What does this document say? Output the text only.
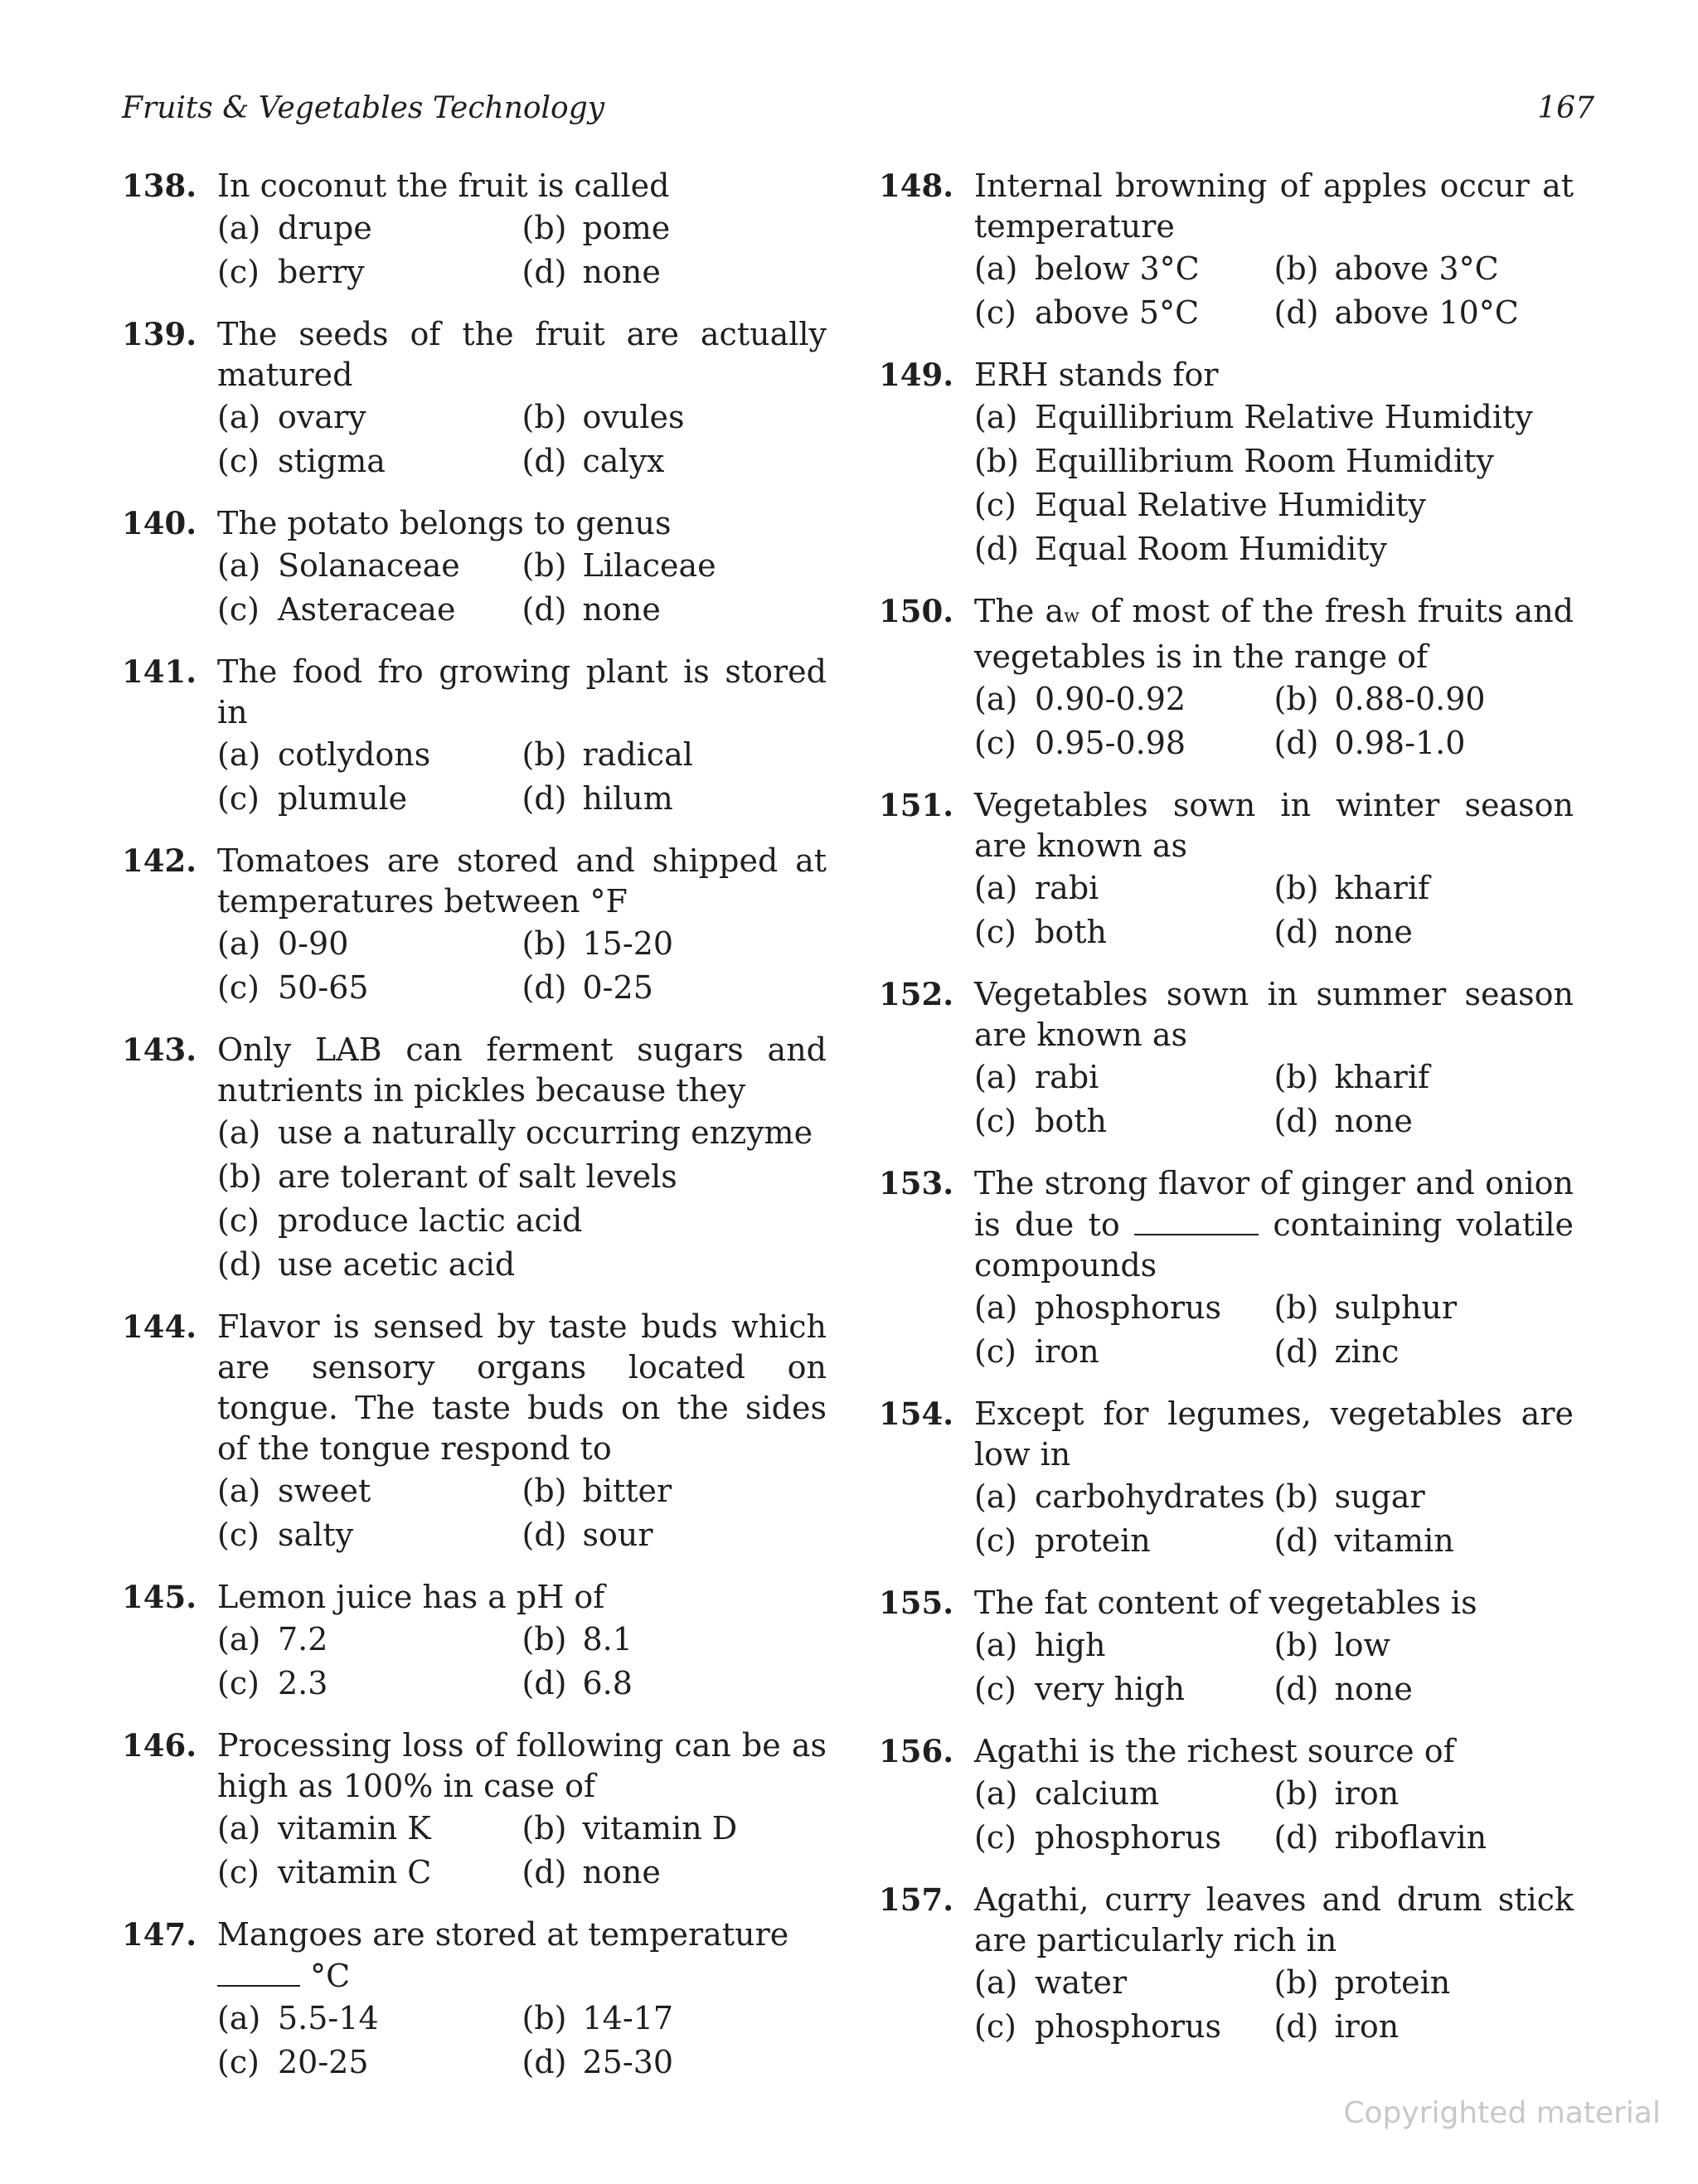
Fruits & Vegetables Technology	167
138. In coconut the fruit is called
(a) drupe	(b) pome
(c) berry	(d) none
139. The seeds of the fruit are actually matured
(a) ovary	(b) ovules
(c) stigma	(d) calyx
140. The potato belongs to genus
(a) Solanaceae	(b) Lilaceae
(c) Asteraceae	(d) none
141. The food fro growing plant is stored in
(a) cotlydons	(b) radical
(c) plumule	(d) hilum
142. Tomatoes are stored and shipped at temperatures between °F
(a) 0-90	(b) 15-20
(c) 50-65	(d) 0-25
143. Only LAB can ferment sugars and nutrients in pickles because they
(a) use a naturally occurring enzyme
(b) are tolerant of salt levels
(c) produce lactic acid
(d) use acetic acid
144. Flavor is sensed by taste buds which are sensory organs located on tongue. The taste buds on the sides of the tongue respond to
(a) sweet	(b) bitter
(c) salty	(d) sour
145. Lemon juice has a pH of
(a) 7.2	(b) 8.1
(c) 2.3	(d) 6.8
146. Processing loss of following can be as high as 100% in case of
(a) vitamin K	(b) vitamin D
(c) vitamin C	(d) none
147. Mangoes are stored at temperature
°C
(a) 5.5-14	(b) 14-17
(c) 20-25	(d) 25-30
148. Internal browning of apples occur at temperature
(a) below 3°C	(b) above 3°C
(c) above 5°C	(d) above 10°C
149. ERH stands for
(a) Equillibrium Relative Humidity
(b) Equillibrium Room Humidity
(c) Equal Relative Humidity
(d) Equal Room Humidity
150. The aw of most of the fresh fruits and vegetables is in the range of
(a) 0.90-0.92	(b) 0.88-0.90
(c) 0.95-0.98	(d) 0.98-1.0
151. Vegetables sown in winter season are known as
(a) rabi	(b) kharif
(c) both	(d) none
152. Vegetables sown in summer season are known as
(a) rabi	(b) kharif
(c) both	(d) none
153. The strong flavor of ginger and onion is due to	containing volatile compounds
(a) phosphorus	(b) sulphur
(c) iron	(d) zinc
154. Except for legumes, vegetables are low in
(a) carbohydrates (b) sugar
(c) protein	(d) vitamin
155. The fat content of vegetables is
(a) high	(b) low
(c) very high	(d) none
156. Agathi is the richest source of
(a) calcium	(b) iron
(c) phosphorus	(d) riboflavin
157. Agathi, curry leaves and drum stick are particularly rich in
(a) water	(b) protein
(c) phosphorus	(d) iron
Copyrighted material
